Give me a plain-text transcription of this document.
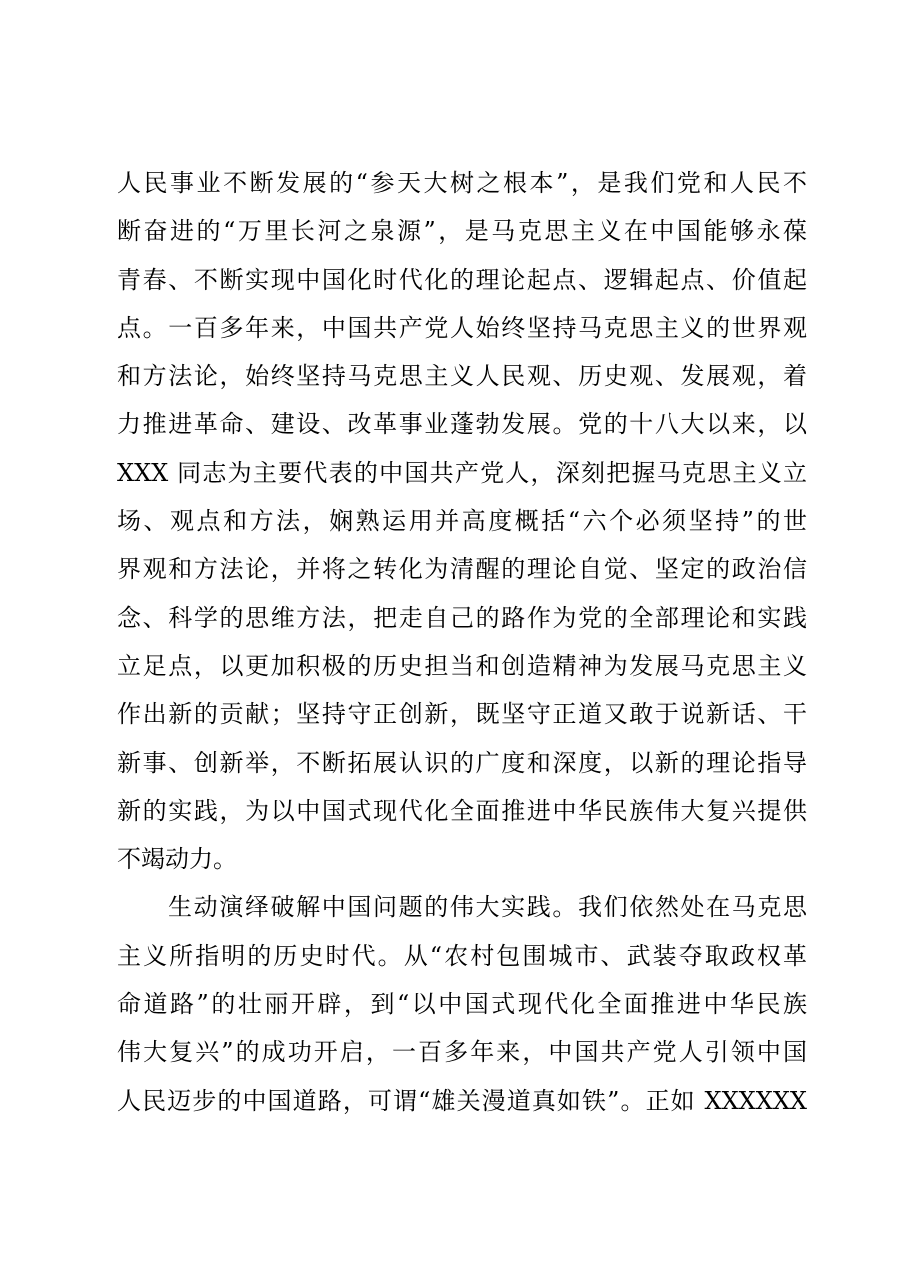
人民事业不断发展的“参天大树之根本”，是我们党和人民不
断奋进的“万里长河之泉源”，是马克思主义在中国能够永葆
青春、不断实现中国化时代化的理论起点、逻辑起点、价值起
点。一百多年来，中国共产党人始终坚持马克思主义的世界观
和方法论，始终坚持马克思主义人民观、历史观、发展观，着
力推进革命、建设、改革事业蓬勃发展。党的十八大以来，以
XXX 同志为主要代表的中国共产党人，深刻把握马克思主义立
场、观点和方法，娴熟运用并高度概括“六个必须坚持”的世
界观和方法论，并将之转化为清醒的理论自觉、坚定的政治信
念、科学的思维方法，把走自己的路作为党的全部理论和实践
立足点，以更加积极的历史担当和创造精神为发展马克思主义
作出新的贡献；坚持守正创新，既坚守正道又敢于说新话、干
新事、创新举，不断拓展认识的广度和深度，以新的理论指导
新的实践，为以中国式现代化全面推进中华民族伟大复兴提供
不竭动力。
生动演绎破解中国问题的伟大实践。我们依然处在马克思
主义所指明的历史时代。从“农村包围城市、武装夺取政权革
命道路”的壮丽开辟，到“以中国式现代化全面推进中华民族
伟大复兴”的成功开启，一百多年来，中国共产党人引领中国
人民迈步的中国道路，可谓“雄关漫道真如铁”。正如 XXXXXX
